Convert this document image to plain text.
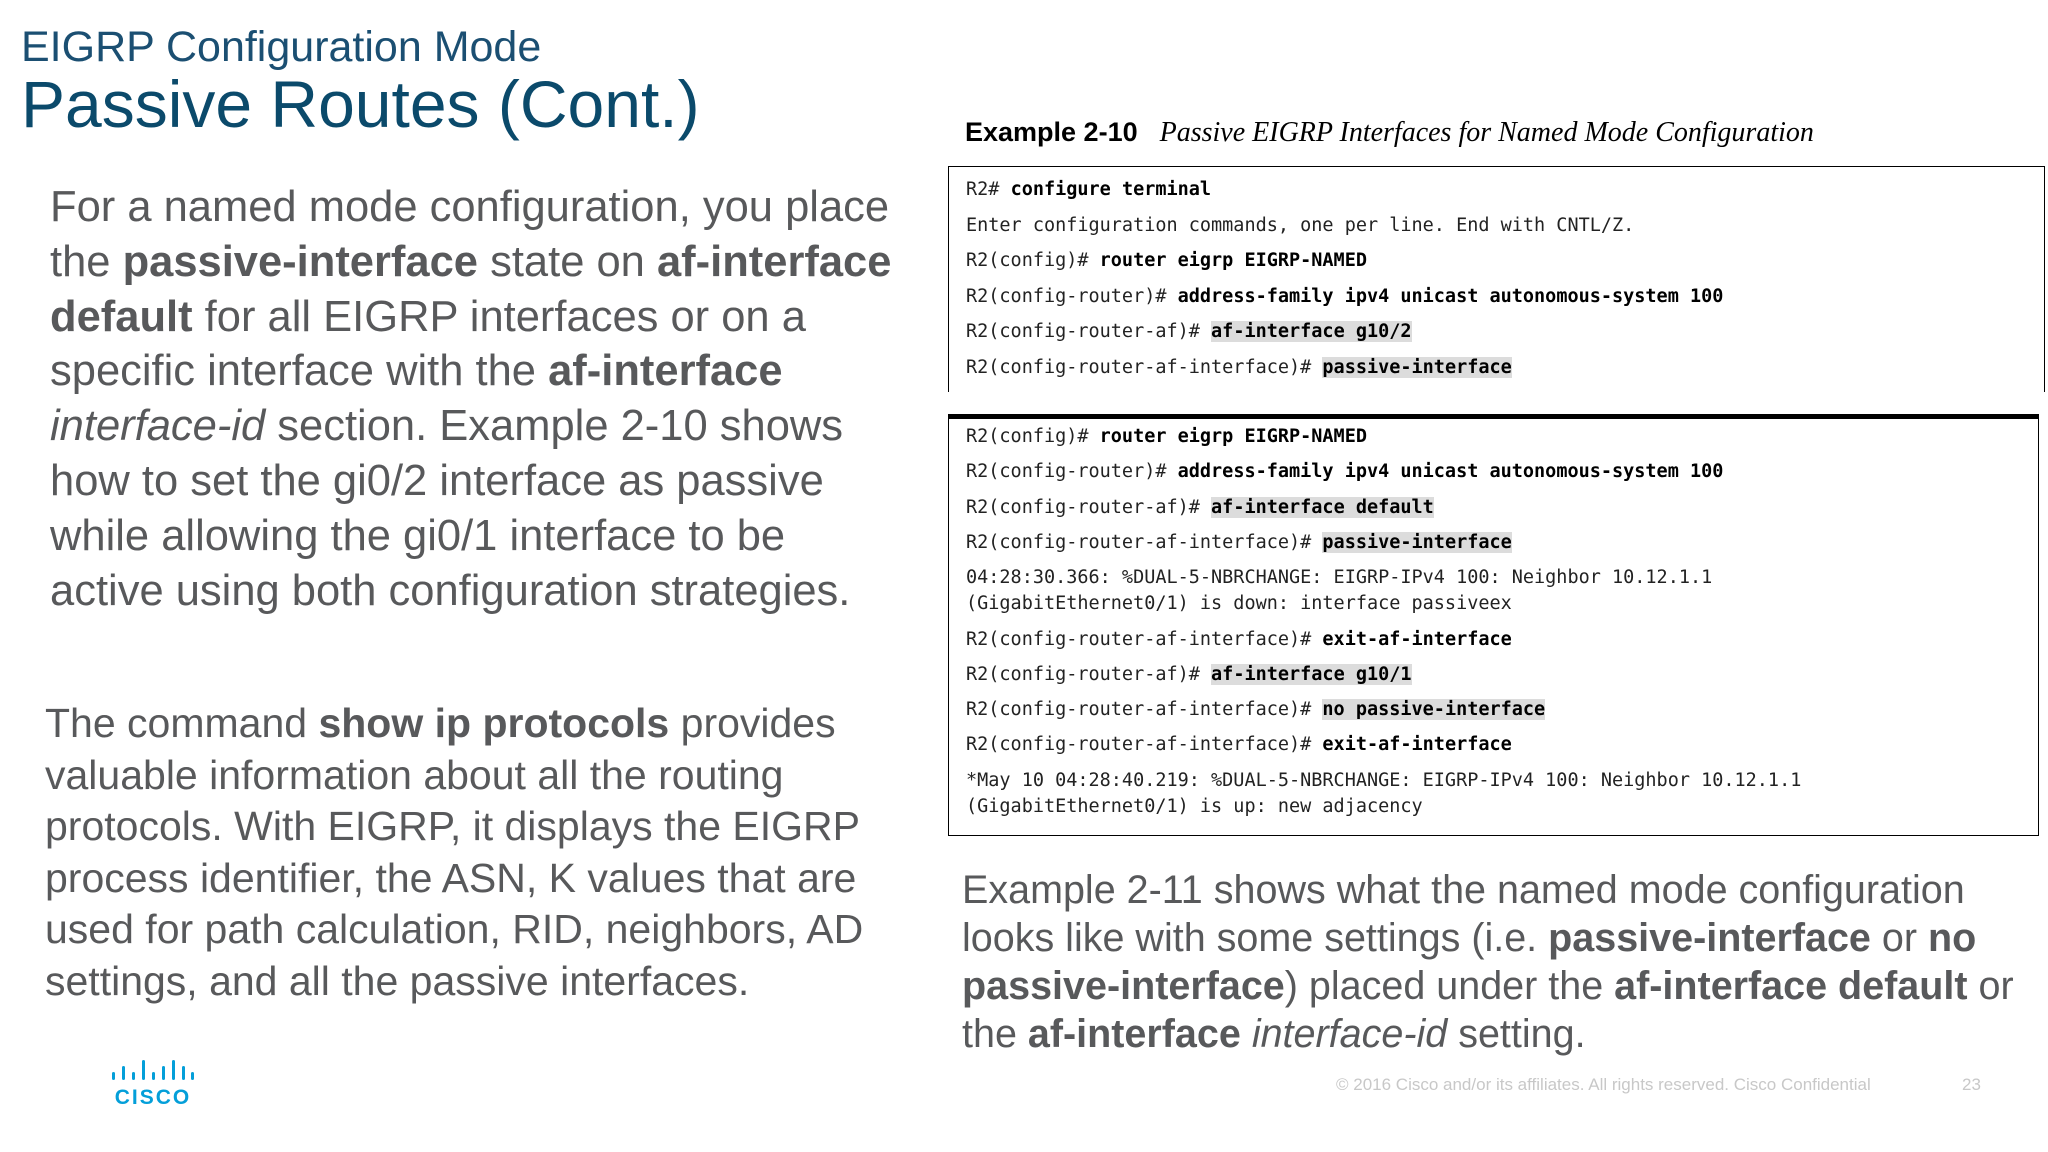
EIGRP Configuration Mode
Passive Routes (Cont.)

For a named mode configuration, you place the passive-interface state on af-interface default for all EIGRP interfaces or on a specific interface with the af-interface interface-id section. Example 2-10 shows how to set the gi0/2 interface as passive while allowing the gi0/1 interface to be active using both configuration strategies.

The command show ip protocols provides valuable information about all the routing protocols. With EIGRP, it displays the EIGRP process identifier, the ASN, K values that are used for path calculation, RID, neighbors, AD settings, and all the passive interfaces.

Example 2-10 Passive EIGRP Interfaces for Named Mode Configuration
R2# configure terminal
Enter configuration commands, one per line. End with CNTL/Z.
R2(config)# router eigrp EIGRP-NAMED
R2(config-router)# address-family ipv4 unicast autonomous-system 100
R2(config-router-af)# af-interface g10/2
R2(config-router-af-interface)# passive-interface
R2(config)# router eigrp EIGRP-NAMED
R2(config-router)# address-family ipv4 unicast autonomous-system 100
R2(config-router-af)# af-interface default
R2(config-router-af-interface)# passive-interface
04:28:30.366: %DUAL-5-NBRCHANGE: EIGRP-IPv4 100: Neighbor 10.12.1.1
(GigabitEthernet0/1) is down: interface passiveex
R2(config-router-af-interface)# exit-af-interface
R2(config-router-af)# af-interface g10/1
R2(config-router-af-interface)# no passive-interface
R2(config-router-af-interface)# exit-af-interface
*May 10 04:28:40.219: %DUAL-5-NBRCHANGE: EIGRP-IPv4 100: Neighbor 10.12.1.1
(GigabitEthernet0/1) is up: new adjacency

Example 2-11 shows what the named mode configuration looks like with some settings (i.e. passive-interface or no passive-interface) placed under the af-interface default or the af-interface interface-id setting.

CISCO
© 2016 Cisco and/or its affiliates. All rights reserved. Cisco Confidential	23
